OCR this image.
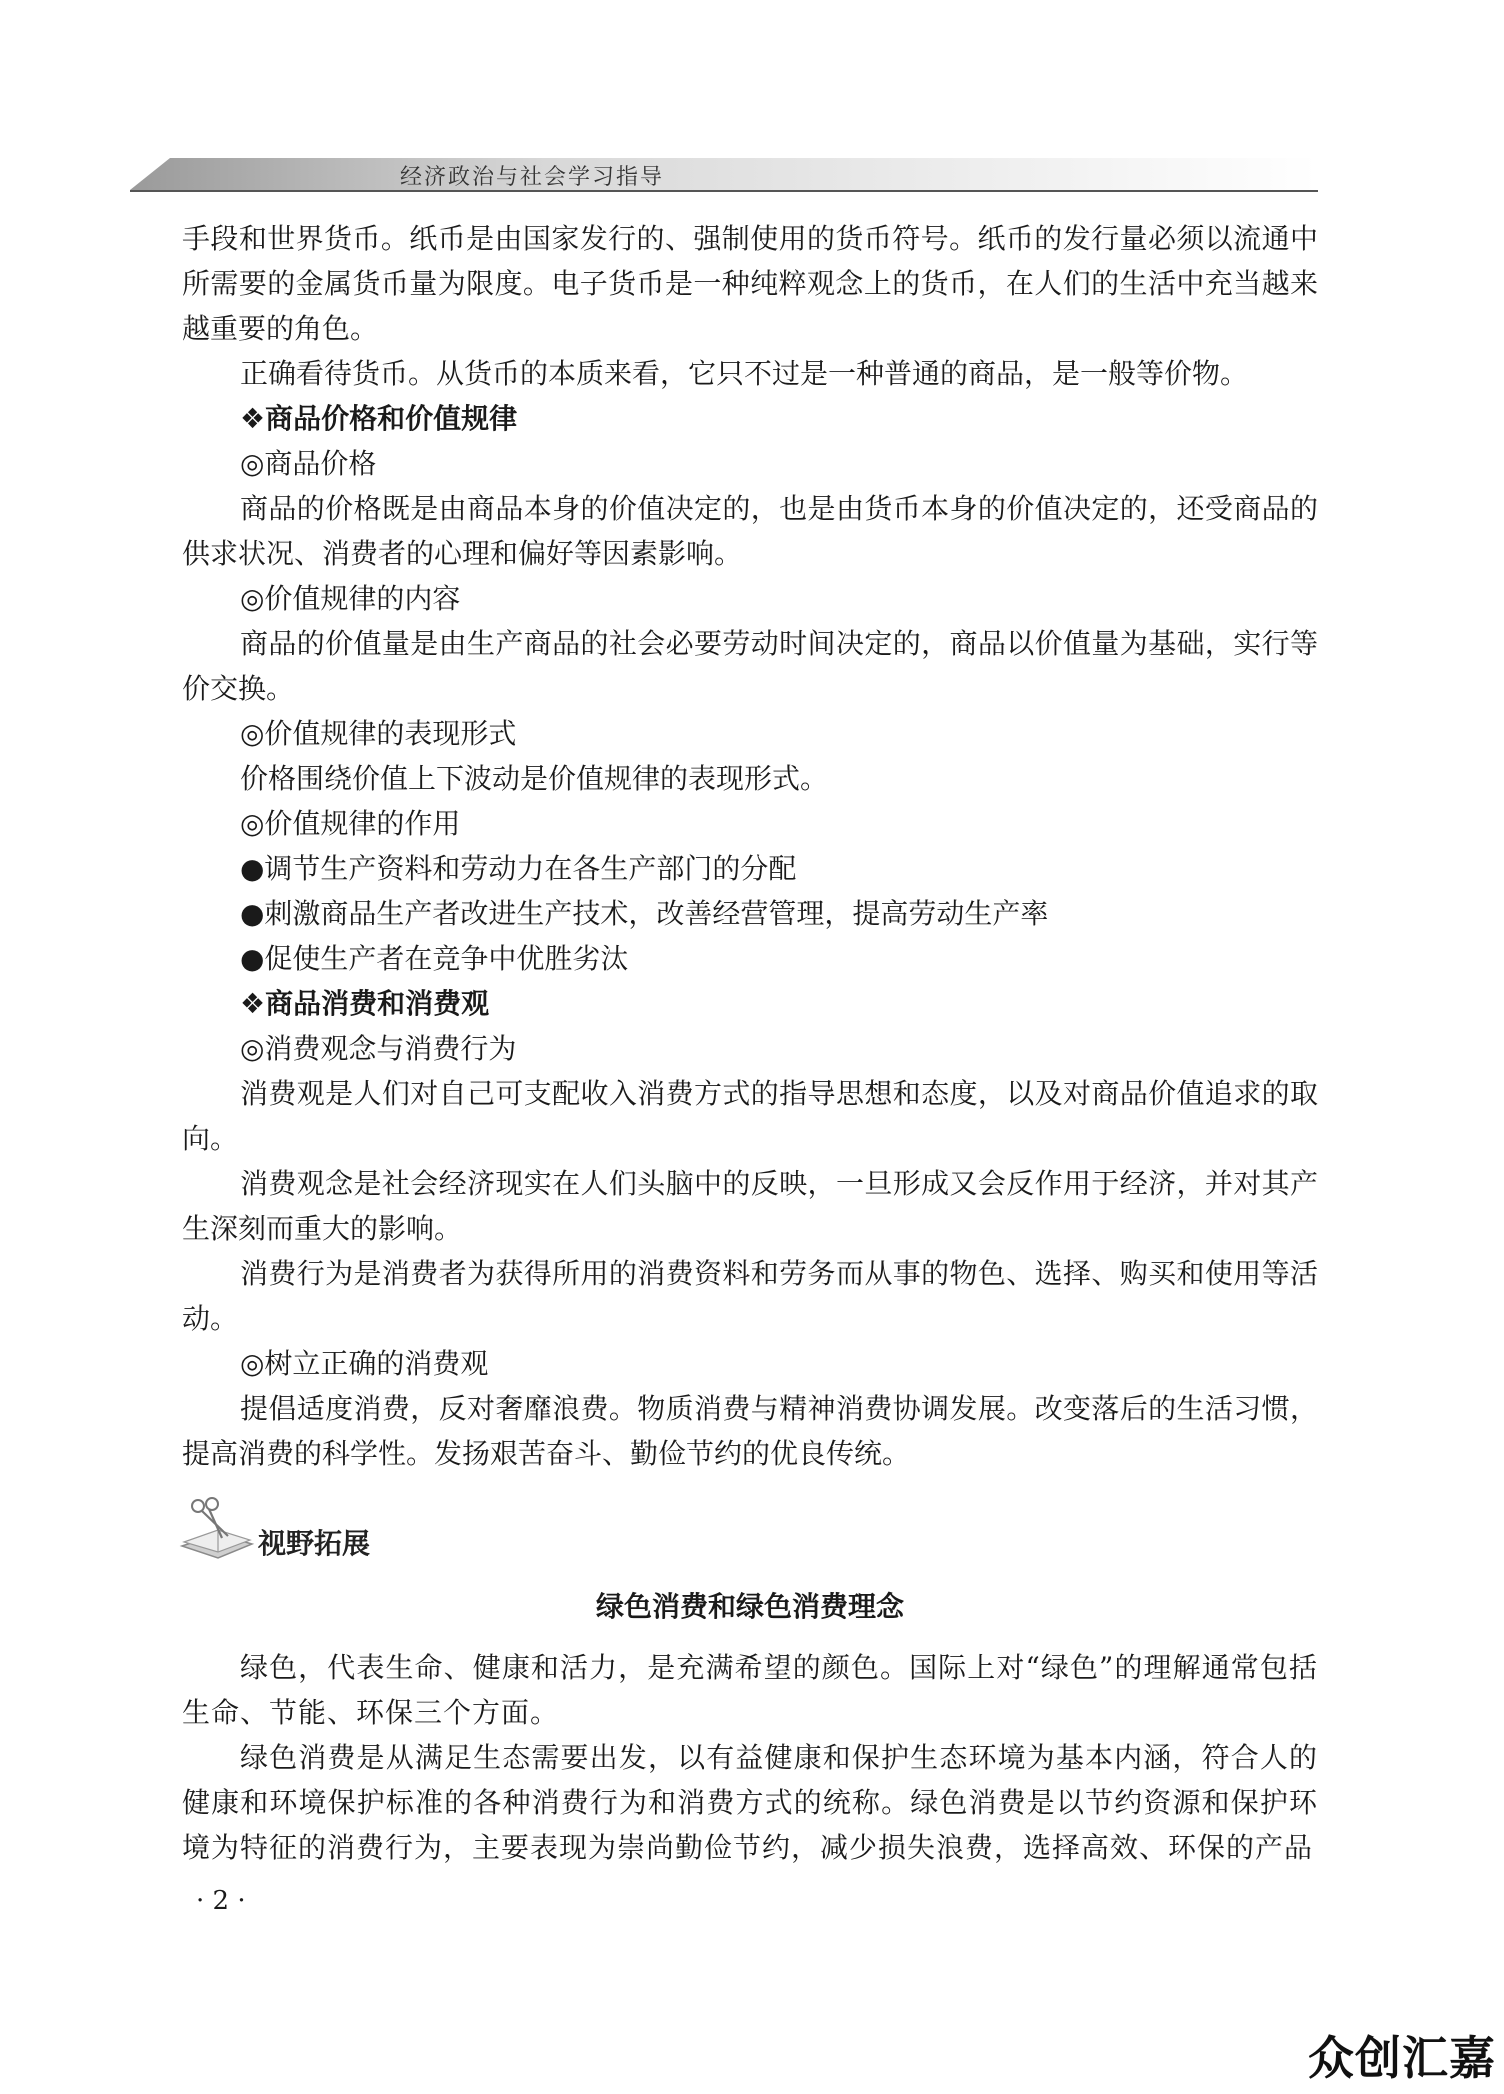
经济政治与社会学习指导

手段和世界货币。纸币是由国家发行的、强制使用的货币符号。纸币的发行量必须以流通中所需要的金属货币量为限度。电子货币是一种纯粹观念上的货币，在人们的生活中充当越来越重要的角色。

正确看待货币。从货币的本质来看，它只不过是一种普通的商品，是一般等价物。

❖商品价格和价值规律

◎商品价格

商品的价格既是由商品本身的价值决定的，也是由货币本身的价值决定的，还受商品的供求状况、消费者的心理和偏好等因素影响。

◎价值规律的内容

商品的价值量是由生产商品的社会必要劳动时间决定的，商品以价值量为基础，实行等价交换。

◎价值规律的表现形式

价格围绕价值上下波动是价值规律的表现形式。

◎价值规律的作用

●调节生产资料和劳动力在各生产部门的分配

●刺激商品生产者改进生产技术，改善经营管理，提高劳动生产率

●促使生产者在竞争中优胜劣汰

❖商品消费和消费观

◎消费观念与消费行为

消费观是人们对自己可支配收入消费方式的指导思想和态度，以及对商品价值追求的取向。

消费观念是社会经济现实在人们头脑中的反映，一旦形成又会反作用于经济，并对其产生深刻而重大的影响。

消费行为是消费者为获得所用的消费资料和劳务而从事的物色、选择、购买和使用等活动。

◎树立正确的消费观

提倡适度消费，反对奢靡浪费。物质消费与精神消费协调发展。改变落后的生活习惯，提高消费的科学性。发扬艰苦奋斗、勤俭节约的优良传统。

视野拓展
绿色消费和绿色消费理念

绿色，代表生命、健康和活力，是充满希望的颜色。国际上对“绿色”的理解通常包括生命、节能、环保三个方面。

绿色消费是从满足生态需要出发，以有益健康和保护生态环境为基本内涵，符合人的健康和环境保护标准的各种消费行为和消费方式的统称。绿色消费是以节约资源和保护环境为特征的消费行为，主要表现为崇尚勤俭节约，减少损失浪费，选择高效、环保的产品

· 2 ·
众创汇嘉
